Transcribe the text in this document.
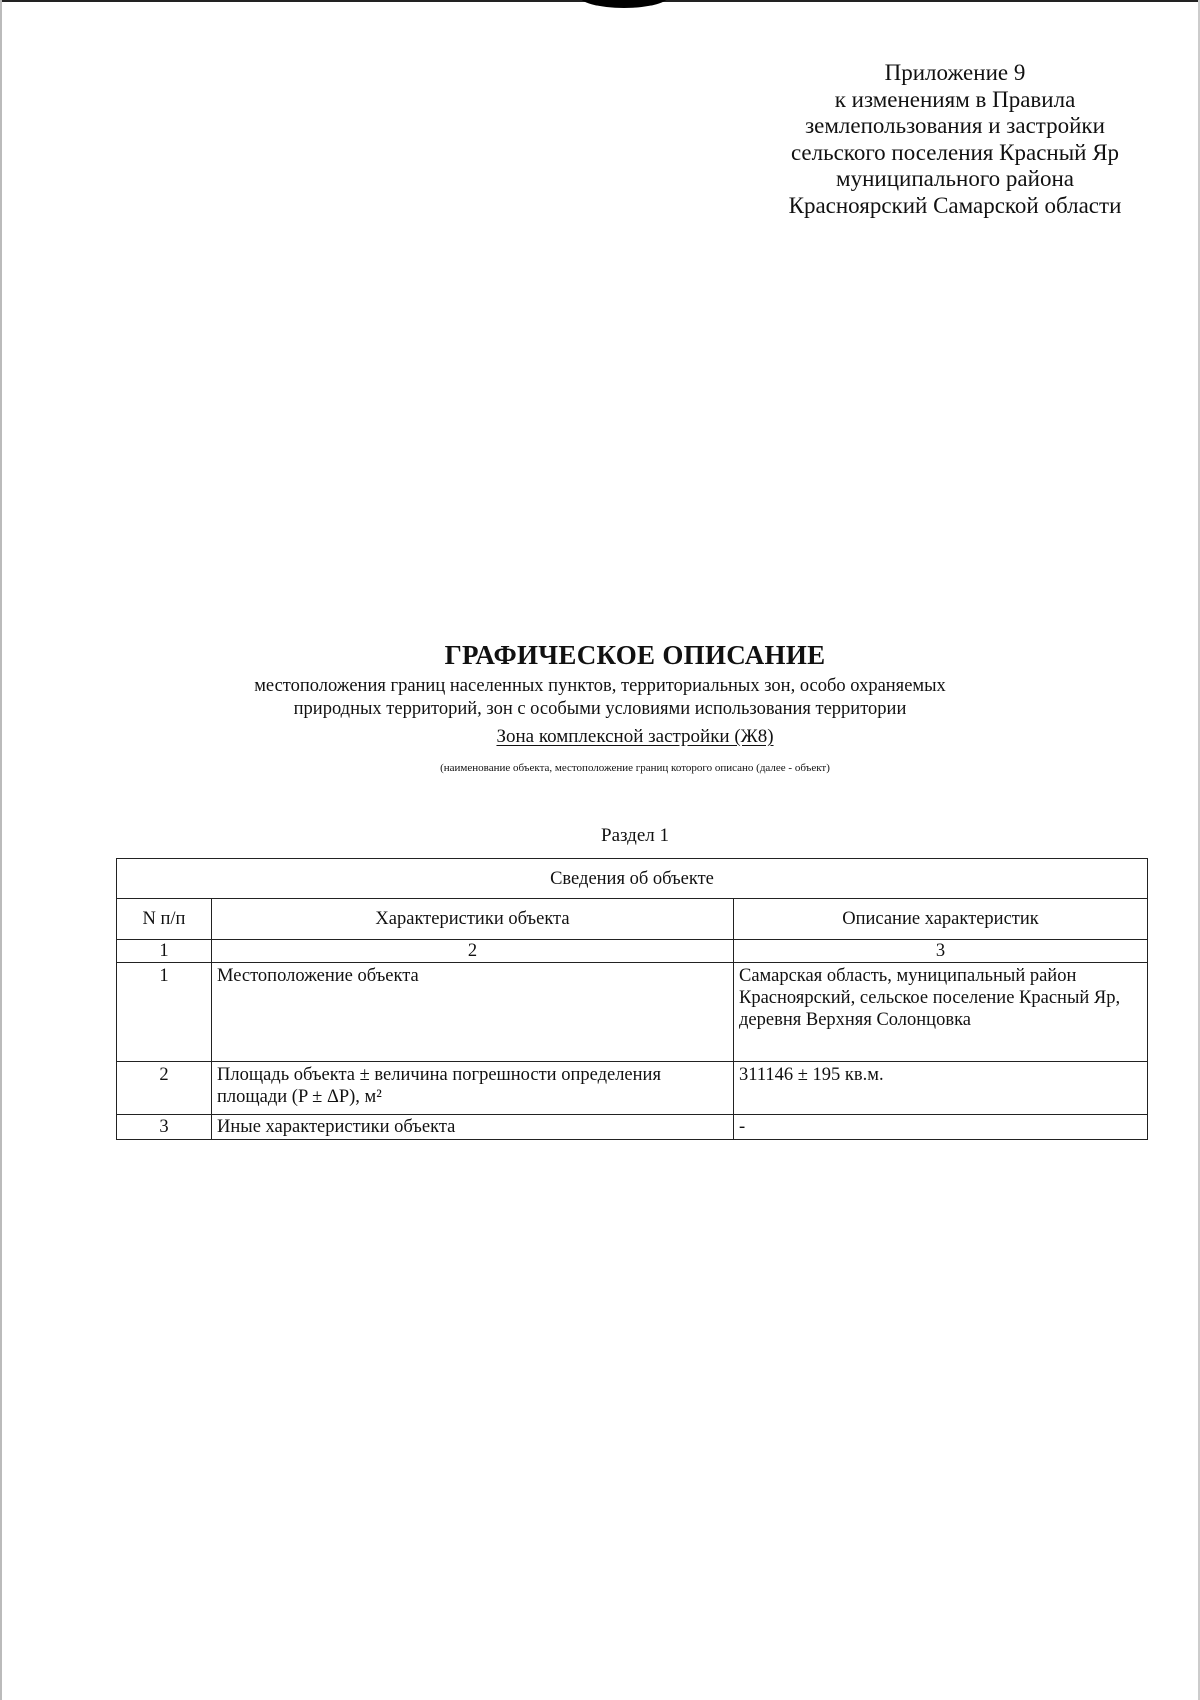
Приложение 9
к изменениям в Правила
землепользования и застройки
сельского поселения Красный Яр
муниципального района
Красноярский Самарской области
ГРАФИЧЕСКОЕ ОПИСАНИЕ
местоположения границ населенных пунктов, территориальных зон, особо охраняемых
природных территорий, зон с особыми условиями использования территории
Зона комплексной застройки (Ж8)
(наименование объекта, местоположение границ которого описано (далее - объект)
Раздел 1
Сведения об объекте		
N п/п	Характеристики объекта	Описание характеристик
1	2	3
1	Местоположение объекта	Самарская область, муниципальный район Красноярский, сельское поселение Красный Яр, деревня Верхняя Солонцовка
2	Площадь объекта ± величина погрешности определения площади (P ± ΔP), м²	311146 ± 195 кв.м.
3	Иные характеристики объекта	-
